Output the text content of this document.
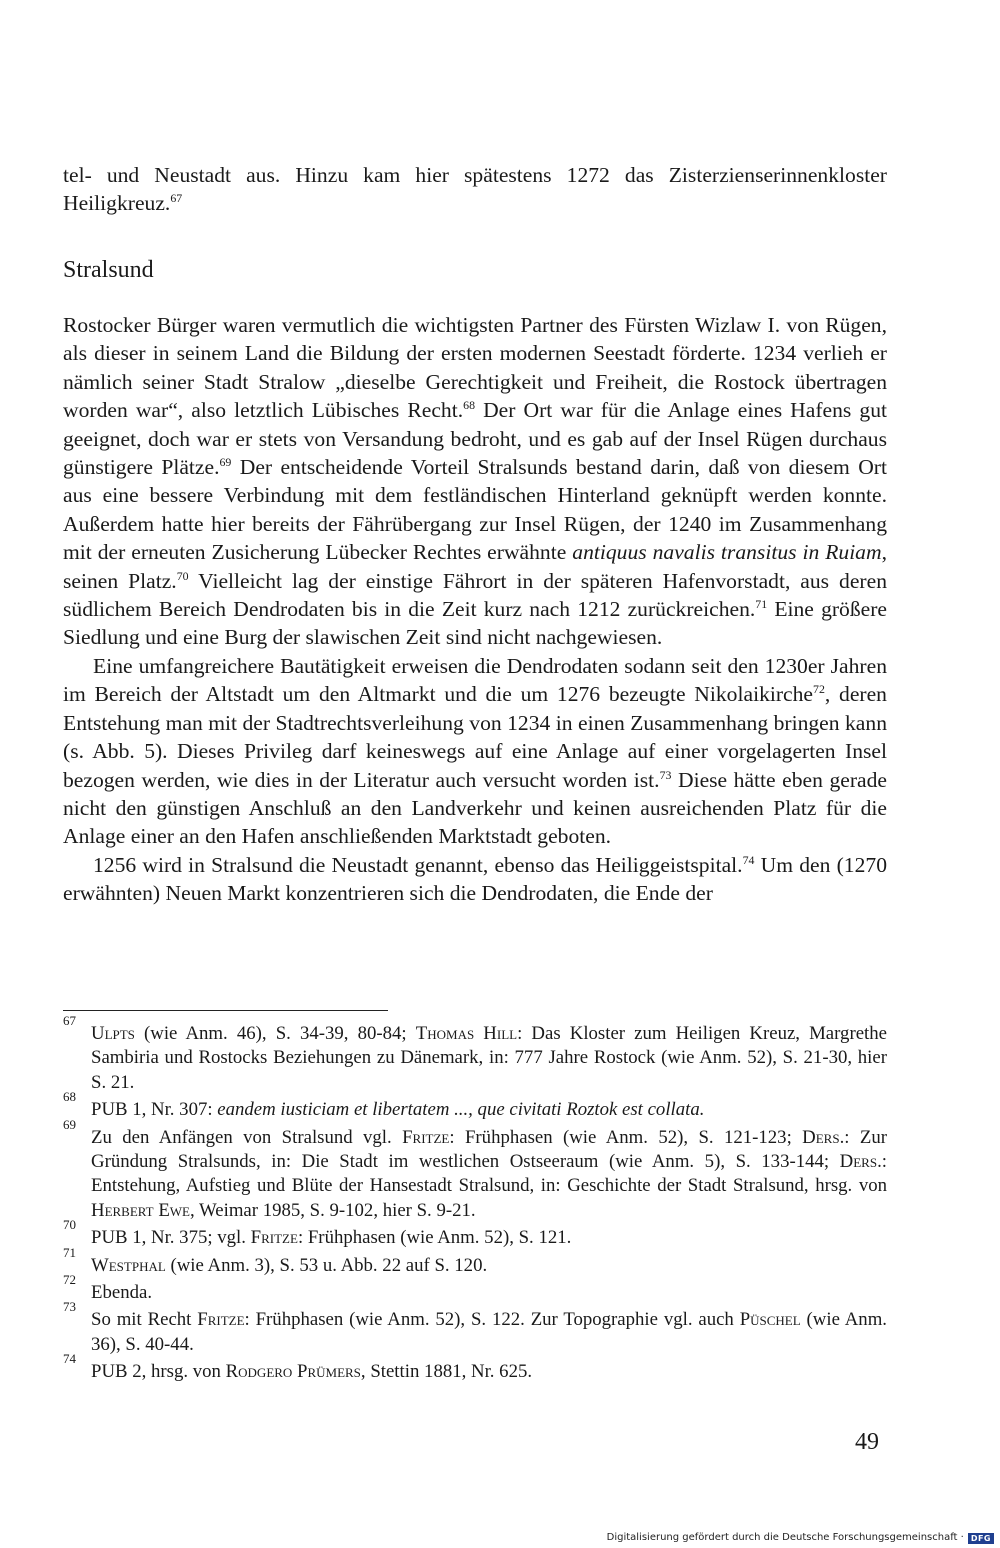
tel- und Neustadt aus. Hinzu kam hier spätestens 1272 das Zisterzienserinnenkloster Heiligkreuz.$^{67}$

Stralsund

Rostocker Bürger waren vermutlich die wichtigsten Partner des Fürsten Wizlaw I. von Rügen, als dieser in seinem Land die Bildung der ersten modernen Seestadt förderte. 1234 verlieh er nämlich seiner Stadt Stralow „dieselbe Gerechtigkeit und Freiheit, die Rostock übertragen worden war“, also letztlich Lübisches Recht.$^{68}$ Der Ort war für die Anlage eines Hafens gut geeignet, doch war er stets von Versandung bedroht, und es gab auf der Insel Rügen durchaus günstigere Plätze.$^{69}$ Der entscheidende Vorteil Stralsunds bestand darin, daß von diesem Ort aus eine bessere Verbindung mit dem festländischen Hinterland geknüpft werden konnte. Außerdem hatte hier bereits der Fährübergang zur Insel Rügen, der 1240 im Zusammenhang mit der erneuten Zusicherung Lübecker Rechtes erwähnte antiquus navalis transitus in Ruiam, seinen Platz.$^{70}$ Vielleicht lag der einstige Fährort in der späteren Hafenvorstadt, aus deren südlichem Bereich Dendrodaten bis in die Zeit kurz nach 1212 zurückreichen.$^{71}$ Eine größere Siedlung und eine Burg der slawischen Zeit sind nicht nachgewiesen.

Eine umfangreichere Bautätigkeit erweisen die Dendrodaten sodann seit den 1230er Jahren im Bereich der Altstadt um den Altmarkt und die um 1276 bezeugte Nikolaikirche$^{72}$, deren Entstehung man mit der Stadtrechtsverleihung von 1234 in einen Zusammenhang bringen kann (s. Abb. 5). Dieses Privileg darf keineswegs auf eine Anlage auf einer vorgelagerten Insel bezogen werden, wie dies in der Literatur auch versucht worden ist.$^{73}$ Diese hätte eben gerade nicht den günstigen Anschluß an den Landverkehr und keinen ausreichenden Platz für die Anlage einer an den Hafen anschließenden Marktstadt geboten.

1256 wird in Stralsund die Neustadt genannt, ebenso das Heiliggeistspital.$^{74}$ Um den (1270 erwähnten) Neuen Markt konzentrieren sich die Dendrodaten, die Ende der

67
Ulpts (wie Anm. 46), S. 34-39, 80-84; Thomas Hill: Das Kloster zum Heiligen Kreuz, Margrethe Sambiria und Rostocks Beziehungen zu Dänemark, in: 777 Jahre Rostock (wie Anm. 52), S. 21-30, hier S. 21.
68
PUB 1, Nr. 307: eandem iusticiam et libertatem ..., que civitati Roztok est collata.
69
Zu den Anfängen von Stralsund vgl. Fritze: Frühphasen (wie Anm. 52), S. 121-123; Ders.: Zur Gründung Stralsunds, in: Die Stadt im westlichen Ostseeraum (wie Anm. 5), S. 133-144; Ders.: Entstehung, Aufstieg und Blüte der Hansestadt Stralsund, in: Geschichte der Stadt Stralsund, hrsg. von Herbert Ewe, Weimar 1985, S. 9-102, hier S. 9-21.
70
PUB 1, Nr. 375; vgl. Fritze: Frühphasen (wie Anm. 52), S. 121.
71
Westphal (wie Anm. 3), S. 53 u. Abb. 22 auf S. 120.
72
Ebenda.
73
So mit Recht Fritze: Frühphasen (wie Anm. 52), S. 122. Zur Topographie vgl. auch Püschel (wie Anm. 36), S. 40-44.
74
PUB 2, hrsg. von Rodgero Prümers, Stettin 1881, Nr. 625.
49
Digitalisierung gefördert durch die Deutsche Forschungsgemeinschaft · DFG
